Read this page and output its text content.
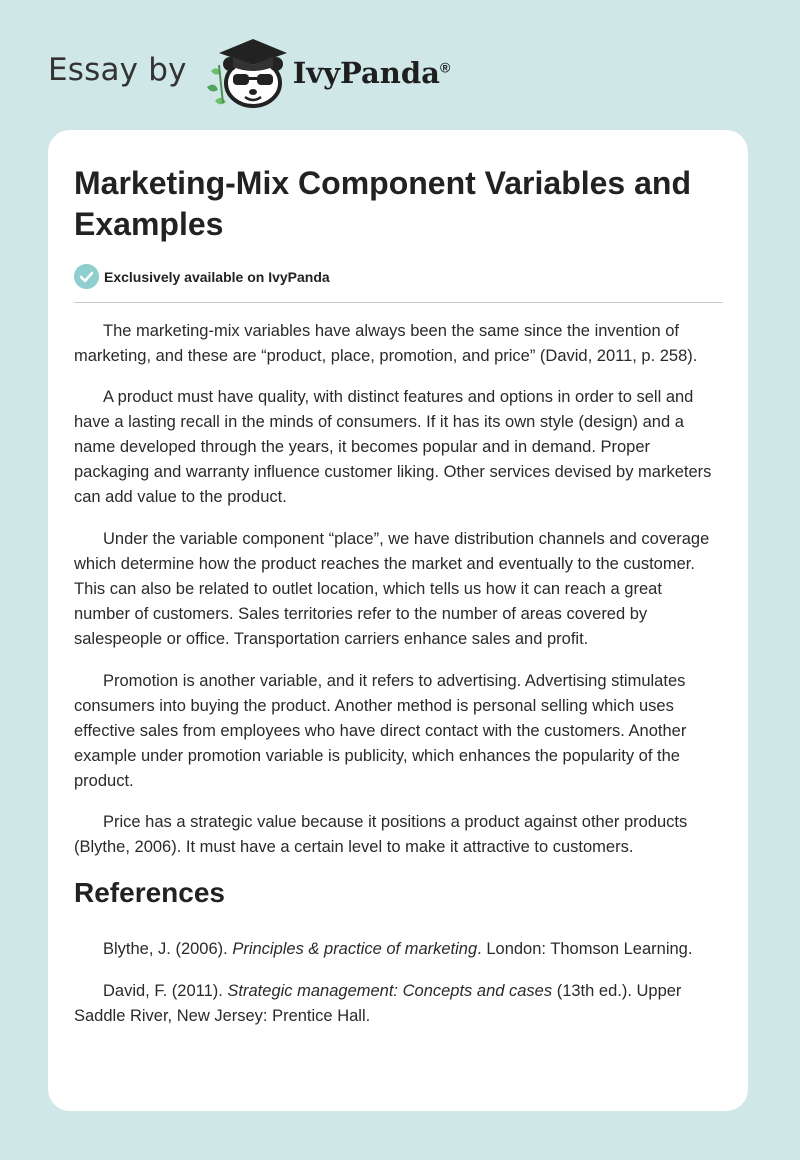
Essay by	IvyPanda®
Marketing-Mix Component Variables and Examples
Exclusively available on IvyPanda

The marketing-mix variables have always been the same since the invention of marketing, and these are “product, place, promotion, and price” (David, 2011, p. 258).

A product must have quality, with distinct features and options in order to sell and have a lasting recall in the minds of consumers. If it has its own style (design) and a name developed through the years, it becomes popular and in demand. Proper packaging and warranty influence customer liking. Other services devised by marketers can add value to the product.

Under the variable component “place”, we have distribution channels and coverage which determine how the product reaches the market and eventually to the customer. This can also be related to outlet location, which tells us how it can reach a great number of customers. Sales territories refer to the number of areas covered by salespeople or office. Transportation carriers enhance sales and profit.

Promotion is another variable, and it refers to advertising. Advertising stimulates consumers into buying the product. Another method is personal selling which uses effective sales from employees who have direct contact with the customers. Another example under promotion variable is publicity, which enhances the popularity of the product.

Price has a strategic value because it positions a product against other products (Blythe, 2006). It must have a certain level to make it attractive to customers.

References

Blythe, J. (2006). Principles & practice of marketing. London: Thomson Learning.

David, F. (2011). Strategic management: Concepts and cases (13th ed.). Upper Saddle River, New Jersey: Prentice Hall.
